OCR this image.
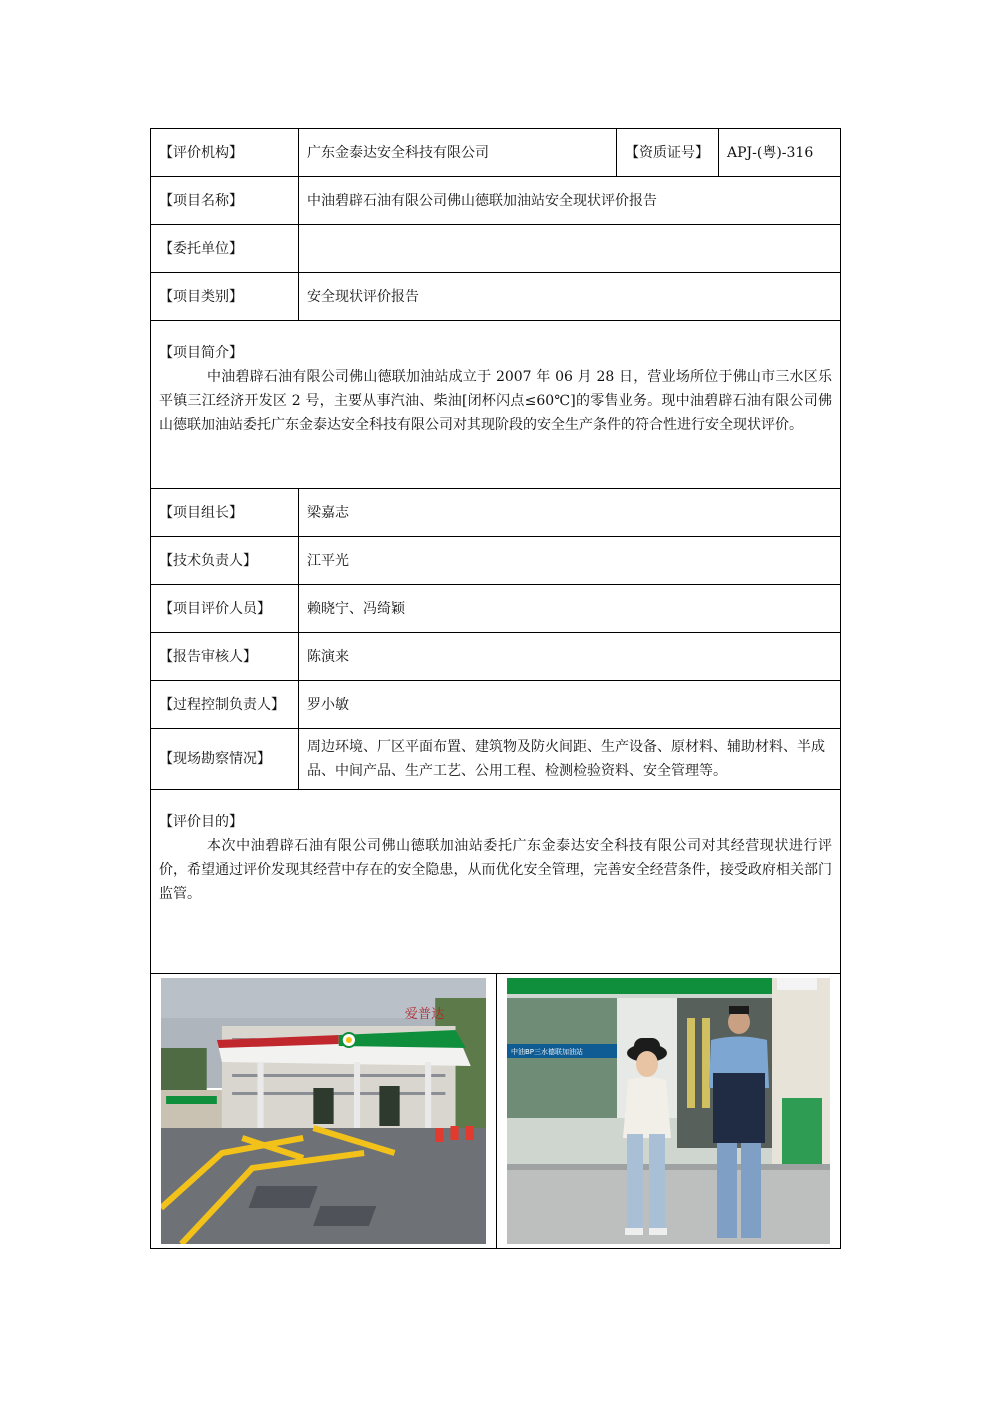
【评价机构】	广东金泰达安全科技有限公司		【资质证号】	APJ-(粤)-316
【项目名称】	中油碧辟石油有限公司佛山德联加油站安全现状评价报告			
【委托单位】				
【项目类别】	安全现状评价报告			

【项目简介】

中油碧辟石油有限公司佛山德联加油站成立于 2007 年 06 月 28 日，营业场所位于佛山市三水区乐平镇三江经济开发区 2 号，主要从事汽油、柴油[闭杯闪点≤60℃]的零售业务。现中油碧辟石油有限公司佛山德联加油站委托广东金泰达安全科技有限公司对其现阶段的安全生产条件的符合性进行安全现状评价。				

【项目组长】	梁嘉志			
【技术负责人】	江平光			
【项目评价人员】	赖晓宁、冯绮颖			
【报告审核人】	陈演来			
【过程控制负责人】	罗小敏			
【现场勘察情况】	周边环境、厂区平面布置、建筑物及防火间距、生产设备、原材料、辅助材料、半成品、中间产品、生产工艺、公用工程、检测检验资料、安全管理等。			

【评价目的】

本次中油碧辟石油有限公司佛山德联加油站委托广东金泰达安全科技有限公司对其经营现状进行评价，希望通过评价发现其经营中存在的安全隐患，从而优化安全管理，完善安全经营条件，接受政府相关部门监管。				

爱普达		中油BP三水德联加油站		
